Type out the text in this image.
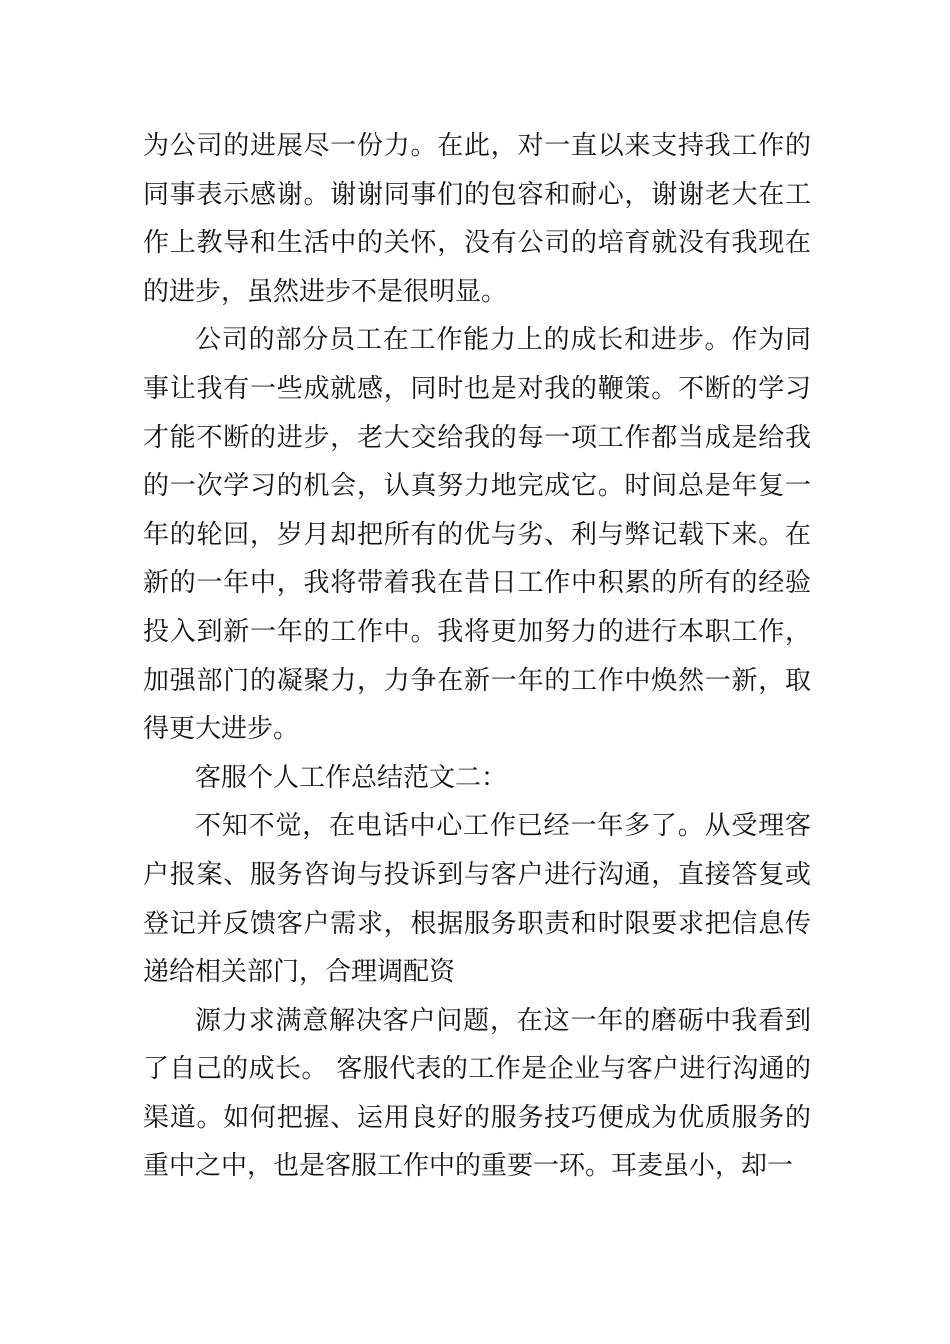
为公司的进展尽一份力。在此，对一直以来支持我工作的同事表示感谢。谢谢同事们的包容和耐心，谢谢老大在工作上教导和生活中的关怀，没有公司的培育就没有我现在的进步，虽然进步不是很明显。

公司的部分员工在工作能力上的成长和进步。作为同事让我有一些成就感，同时也是对我的鞭策。不断的学习才能不断的进步，老大交给我的每一项工作都当成是给我的一次学习的机会，认真努力地完成它。时间总是年复一年的轮回，岁月却把所有的优与劣、利与弊记载下来。在新的一年中，我将带着我在昔日工作中积累的所有的经验投入到新一年的工作中。我将更加努力的进行本职工作，加强部门的凝聚力，力争在新一年的工作中焕然一新，取得更大进步。

客服个人工作总结范文二：

不知不觉，在电话中心工作已经一年多了。从受理客户报案、服务咨询与投诉到与客户进行沟通，直接答复或登记并反馈客户需求，根据服务职责和时限要求把信息传递给相关部门，合理调配资

源力求满意解决客户问题，在这一年的磨砺中我看到了自己的成长。 客服代表的工作是企业与客户进行沟通的渠道。如何把握、运用良好的服务技巧便成为优质服务的重中之中，也是客服工作中的重要一环。耳麦虽小，却一
